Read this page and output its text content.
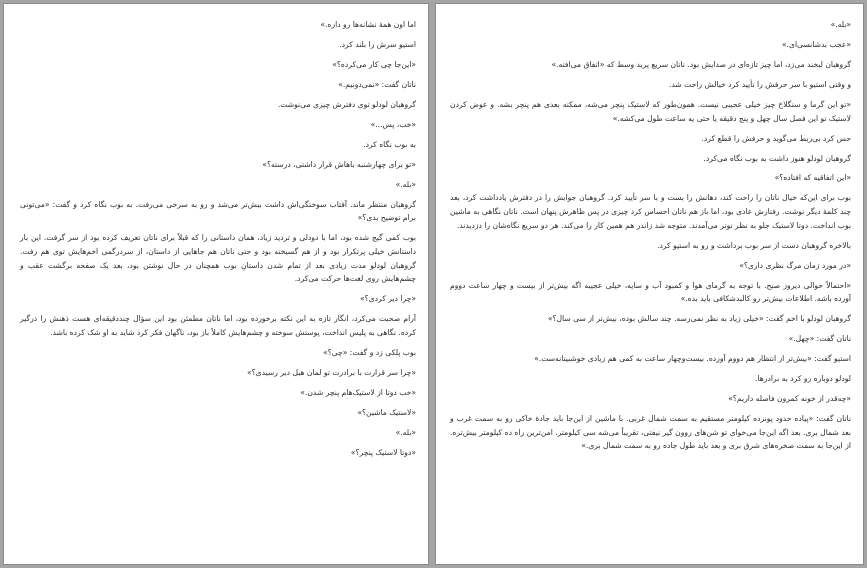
اما اون همهٔ نشانه‌ها رو داره.»

استیو سرش را بلند کرد.

«این‌جا چی کار می‌کرده؟»

ناتان گفت: «نمی‌دونیم.»

گروهبان لودلو توی دفترش چیزی می‌نوشت.

«خب، پس...»

به بوب نگاه کرد.

«تو برای چهارشنبه باهاش قرار داشتی، درسته؟»

«بله.»

گروهبان منتظر ماند. آفتاب سوختگی‌اش داشت بیش‌تر می‌شد و رو به سرخی می‌رفت. به بوب نگاه کرد و گفت: «می‌تونی برام توضیح بدی؟»

بوب کمی گیج شده بود، اما با دودلی و تردید زیاد، همان داستانی را که قبلاً برای ناتان تعریف کرده بود از سر گرفت. این بار داستانش خیلی پرتکرار بود و از هم گسیخته بود و حتی ناتان هم جاهایی از داستان، از سردرگمی اخم‌هایش توی هم رفت. گروهبان لودلو مدت زیادی بعد از تمام شدن داستانِ بوب همچنان در حال نوشتن بود، بعد یک صفحه برگشت عقب و چشم‌هایش روی لغت‌ها حرکت می‌کرد.

«چرا دیر کردی؟»

آرام صحبت می‌کرد، انگار تازه به این نکته برخورده بود، اما ناتان مطمئن بود این سؤال چنددقیقه‌ای هست ذهنش را درگیر کرده. نگاهی به پلیس انداخت، پوستش سوخته و چشم‌هایش کاملاً باز بود، ناگهان فکر کرد شاید به او شک کرده باشد.

بوب پلکی زد و گفت: «چی؟»

«چرا سر قرارت با برادرت تو لمان هیل دیر رسیدی؟»

«خب دوتا از لاستیک‌هام پنچر شدن.»

«لاستیک ماشین؟»

«بله.»

«دوتا لاستیک پنچر؟»

«بله.»

«عجب بدشانسی‌ای.»

گروهبان لبخند می‌زد، اما چیز تازه‌ای در صدایش بود. ناتان سریع پرید وسط که «اتفاق می‌افته.»

و وقتی استیو با سر حرفش را تأیید کرد خیالش راحت شد.

«تو این گرما و سنگلاخ چیز خیلی عجیبی نیست. همون‌طور که لاستیک پنچر می‌شه، ممکنه بعدی هم پنچر بشه. و عوض کردن لاستیک تو این فصل سال چهل و پنج دقیقه یا حتی یه ساعت طول می‌کشه.»

حس کرد بی‌ربط می‌گوید و حرفش را قطع کرد.

گروهبان لودلو هنوز داشت به بوب نگاه می‌کرد.

«این اتفاقیه که افتاده؟»

بوب برای این‌که خیال ناتان را راحت کند، دهانش را بست و با سر تأیید کرد. گروهبان جوابش را در دفترش یادداشت کرد، بعد چند کلمهٔ دیگر نوشت. رفتارش عادی بود، اما باز هم ناتان احساس کرد چیزی در پس ظاهرش پنهان است. ناتان نگاهی به ماشین بوب انداخت. دوتا لاستیک جلو به نظر نوتر می‌آمدند. متوجه شد زاندر هم همین کار را می‌کند. هر دو سریع نگاه‌شان را دزدیدند.

بالاخره گروهبان دست از سر بوب برداشت و رو به استیو کرد.

«در مورد زمان مرگ نظری داری؟»

«احتمالاً حوالی دیروز صبح. با توجه به گرمای هوا و کمبود آب و سایه، خیلی عجیبه اگه بیش‌تر از بیست و چهار ساعت دووم آورده باشه. اطلاعات بیش‌تر رو کالبدشکافی باید بده.»

گروهبان لودلو با اخم گفت: «خیلی زیاد به نظر نمی‌رسه. چند سالش بوده، بیش‌تر از سی سال؟»

ناتان گفت: «چهل.»

استیو گفت: «بیش‌تر از انتظار هم دووم آورده. بیست‌وچهار ساعت به کمی هم زیادی خوشبینانه‌ست.»

لودلو دوباره رو کرد به برادرها.

«چه‌قدر از خونه کمرون فاصله داریم؟»

ناتان گفت: «پیاده حدود پونزده کیلومتر مستقیم به سمت شمال غربی. با ماشین از این‌جا باید جادهٔ خاکی رو به سمت غرب و بعد شمال بری. بعد اگه این‌جا می‌خوای تو شن‌های روون گیر نیفتی، تقریباً می‌شه سی کیلومتر. امن‌ترین راه ده کیلومتر بیش‌تره. از این‌جا به سمت صخره‌های شرق بری و بعد باید طول جاده رو به سمت شمال بری.»
